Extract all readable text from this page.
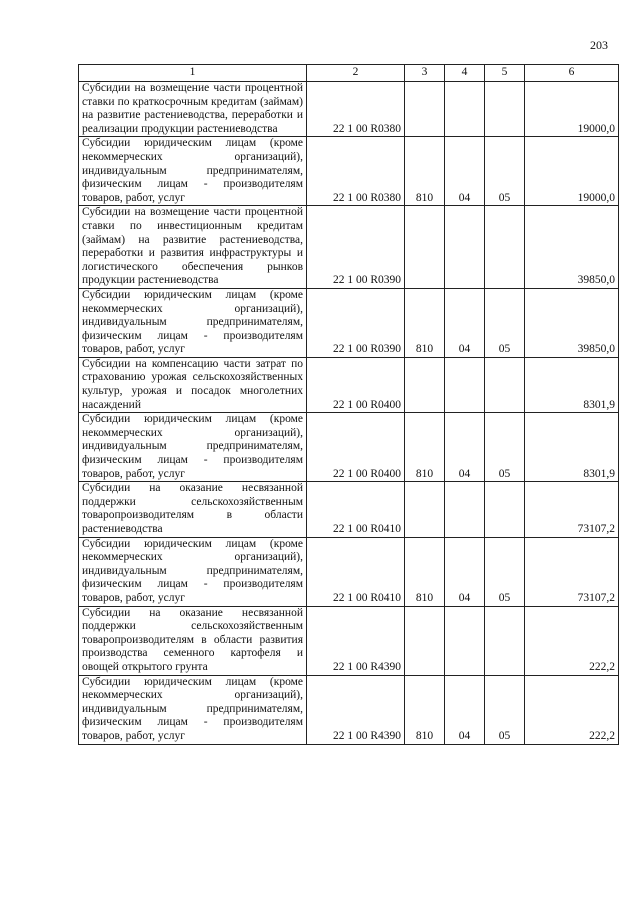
203
1	2	3	4	5	6
Субсидии на возмещение части процентной ставки по краткосрочным кредитам (займам) на развитие растениеводства, переработки и реализации продукции растениеводства	22 1 00 R0380				19000,0
Субсидии юридическим лицам (кроме некоммерческих организаций), индивидуальным предпринимателям, физическим лицам - производителям товаров, работ, услуг	22 1 00 R0380	810	04	05	19000,0
Субсидии на возмещение части процентной ставки по инвестиционным кредитам (займам) на развитие растениеводства, переработки и развития инфраструктуры и логистического обеспечения рынков продукции растениеводства	22 1 00 R0390				39850,0
Субсидии юридическим лицам (кроме некоммерческих организаций), индивидуальным предпринимателям, физическим лицам - производителям товаров, работ, услуг	22 1 00 R0390	810	04	05	39850,0
Субсидии на компенсацию части затрат по страхованию урожая сельскохозяйственных культур, урожая и посадок многолетних насаждений	22 1 00 R0400				8301,9
Субсидии юридическим лицам (кроме некоммерческих организаций), индивидуальным предпринимателям, физическим лицам - производителям товаров, работ, услуг	22 1 00 R0400	810	04	05	8301,9
Субсидии на оказание несвязанной поддержки сельскохозяйственным товаропроизводителям в области растениеводства	22 1 00 R0410				73107,2
Субсидии юридическим лицам (кроме некоммерческих организаций), индивидуальным предпринимателям, физическим лицам - производителям товаров, работ, услуг	22 1 00 R0410	810	04	05	73107,2
Субсидии на оказание несвязанной поддержки сельскохозяйственным товаропроизводителям в области развития производства семенного картофеля и овощей открытого грунта	22 1 00 R4390				222,2
Субсидии юридическим лицам (кроме некоммерческих организаций), индивидуальным предпринимателям, физическим лицам - производителям товаров, работ, услуг	22 1 00 R4390	810	04	05	222,2
